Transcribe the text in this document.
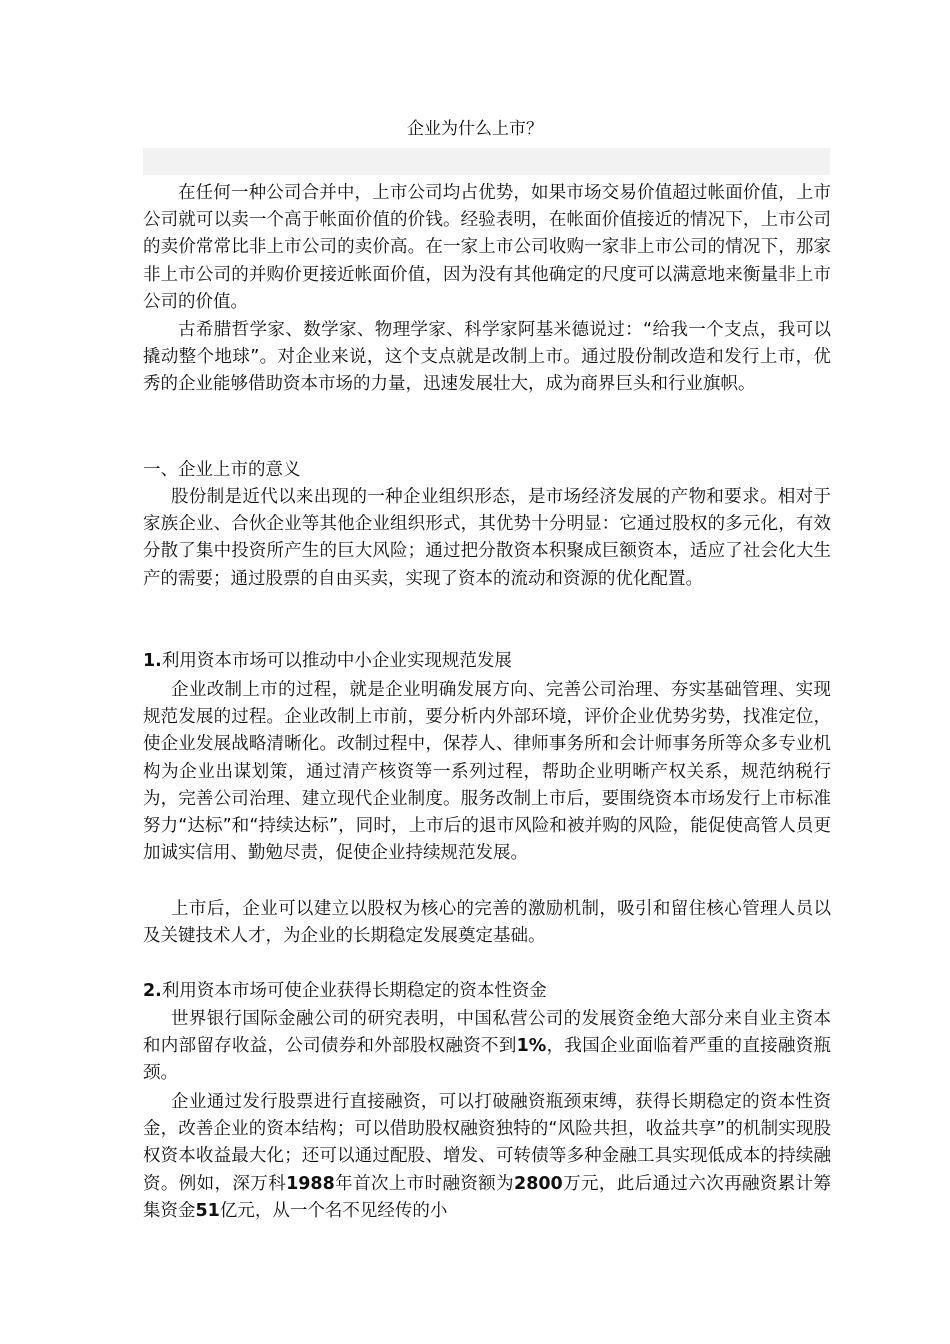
企业为什么上市？

在任何一种公司合并中，上市公司均占优势，如果市场交易价值超过帐面价值，上市公司就可以卖一个高于帐面价值的价钱。经验表明，在帐面价值接近的情况下，上市公司的卖价常常比非上市公司的卖价高。在一家上市公司收购一家非上市公司的情况下，那家非上市公司的并购价更接近帐面价值，因为没有其他确定的尺度可以满意地来衡量非上市公司的价值。

古希腊哲学家、数学家、物理学家、科学家阿基米德说过：“给我一个支点，我可以撬动整个地球”。对企业来说，这个支点就是改制上市。通过股份制改造和发行上市，优秀的企业能够借助资本市场的力量，迅速发展壮大，成为商界巨头和行业旗帜。

一、企业上市的意义

股份制是近代以来出现的一种企业组织形态，是市场经济发展的产物和要求。相对于家族企业、合伙企业等其他企业组织形式，其优势十分明显：它通过股权的多元化，有效分散了集中投资所产生的巨大风险；通过把分散资本积聚成巨额资本，适应了社会化大生产的需要；通过股票的自由买卖，实现了资本的流动和资源的优化配置。

1.利用资本市场可以推动中小企业实现规范发展

企业改制上市的过程，就是企业明确发展方向、完善公司治理、夯实基础管理、实现规范发展的过程。企业改制上市前，要分析内外部环境，评价企业优势劣势，找准定位，使企业发展战略清晰化。改制过程中，保荐人、律师事务所和会计师事务所等众多专业机构为企业出谋划策，通过清产核资等一系列过程，帮助企业明晰产权关系，规范纳税行为，完善公司治理、建立现代企业制度。服务改制上市后，要围绕资本市场发行上市标准努力“达标”和“持续达标”，同时，上市后的退市风险和被并购的风险，能促使高管人员更加诚实信用、勤勉尽责，促使企业持续规范发展。

上市后，企业可以建立以股权为核心的完善的激励机制，吸引和留住核心管理人员以及关键技术人才，为企业的长期稳定发展奠定基础。

2.利用资本市场可使企业获得长期稳定的资本性资金

世界银行国际金融公司的研究表明，中国私营公司的发展资金绝大部分来自业主资本和内部留存收益，公司债券和外部股权融资不到1%，我国企业面临着严重的直接融资瓶颈。

企业通过发行股票进行直接融资，可以打破融资瓶颈束缚，获得长期稳定的资本性资金，改善企业的资本结构；可以借助股权融资独特的“风险共担，收益共享”的机制实现股权资本收益最大化；还可以通过配股、增发、可转债等多种金融工具实现低成本的持续融资。例如，深万科1988年首次上市时融资额为2800万元，此后通过六次再融资累计筹集资金51亿元，从一个名不见经传的小
